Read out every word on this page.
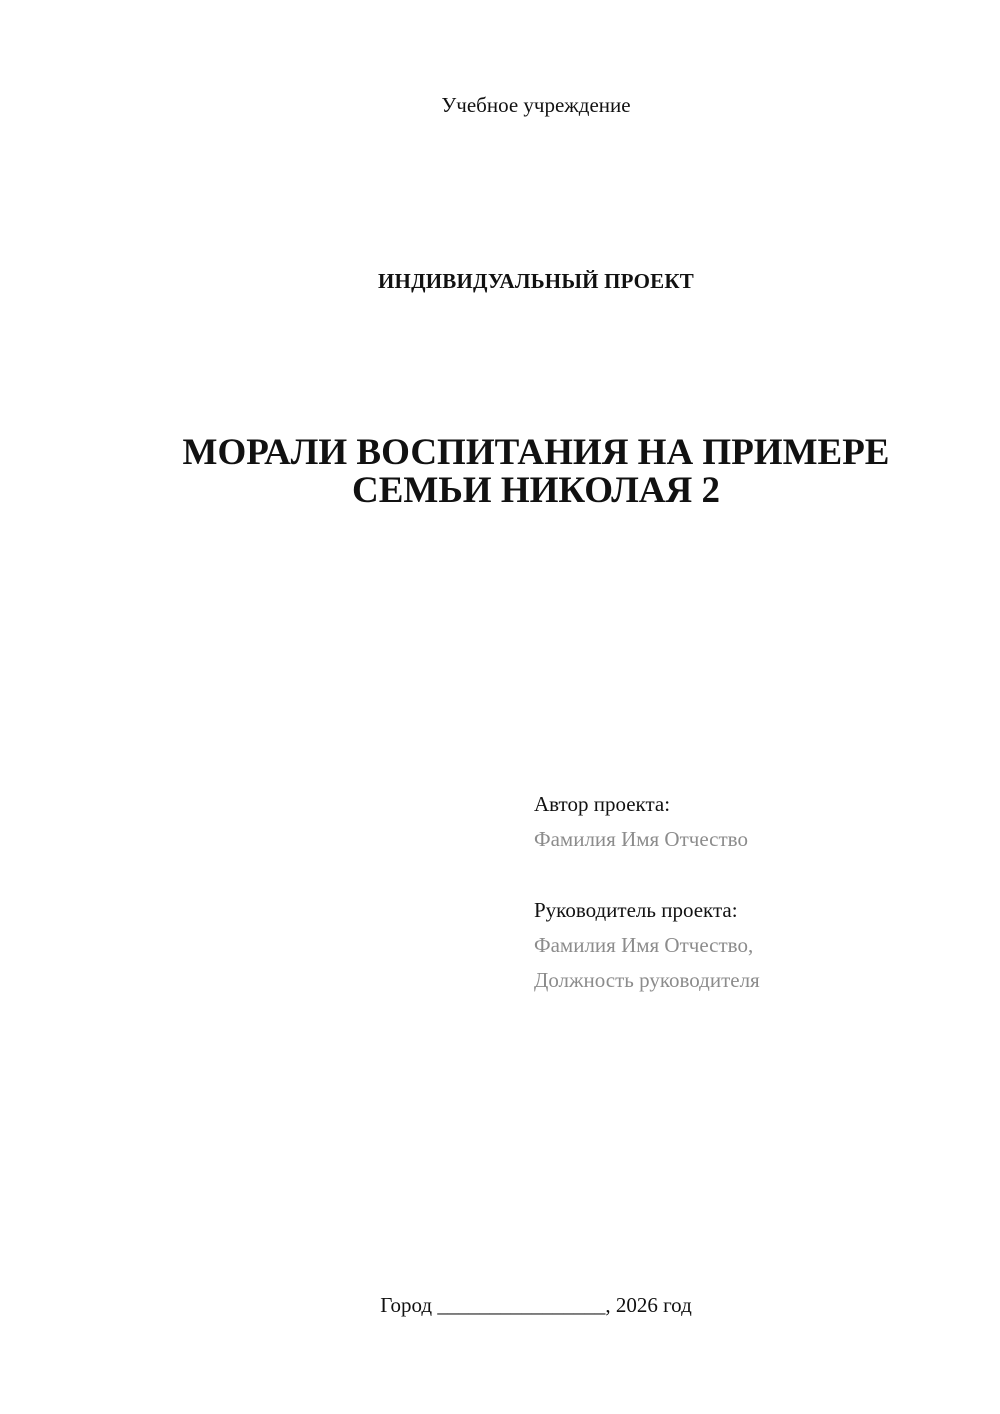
Учебное учреждение
ИНДИВИДУАЛЬНЫЙ ПРОЕКТ
МОРАЛИ ВОСПИТАНИЯ НА ПРИМЕРЕ
СЕМЬИ НИКОЛАЯ 2
Автор проекта:
Фамилия Имя Отчество
Руководитель проекта:
Фамилия Имя Отчество,
Должность руководителя
Город ________________, 2026 год
